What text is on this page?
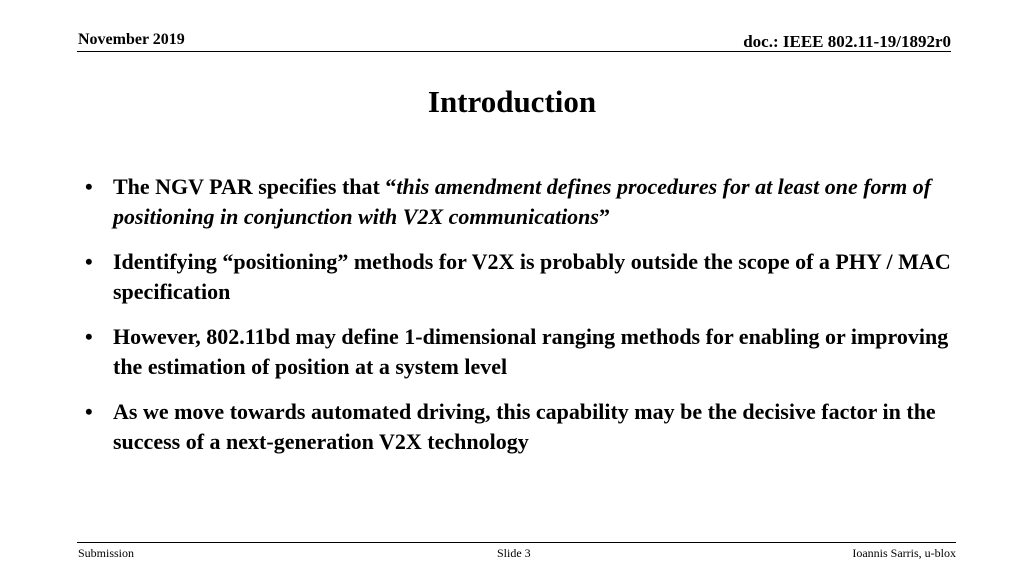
November 2019	doc.: IEEE 802.11-19/1892r0
Introduction
• The NGV PAR specifies that “this amendment defines procedures for at least one form of positioning in conjunction with V2X communications”
• Identifying “positioning” methods for V2X is probably outside the scope of a PHY / MAC specification
• However, 802.11bd may define 1-dimensional ranging methods for enabling or improving the estimation of position at a system level
• As we move towards automated driving, this capability may be the decisive factor in the success of a next-generation V2X technology
Submission	Slide 3	Ioannis Sarris, u-blox
